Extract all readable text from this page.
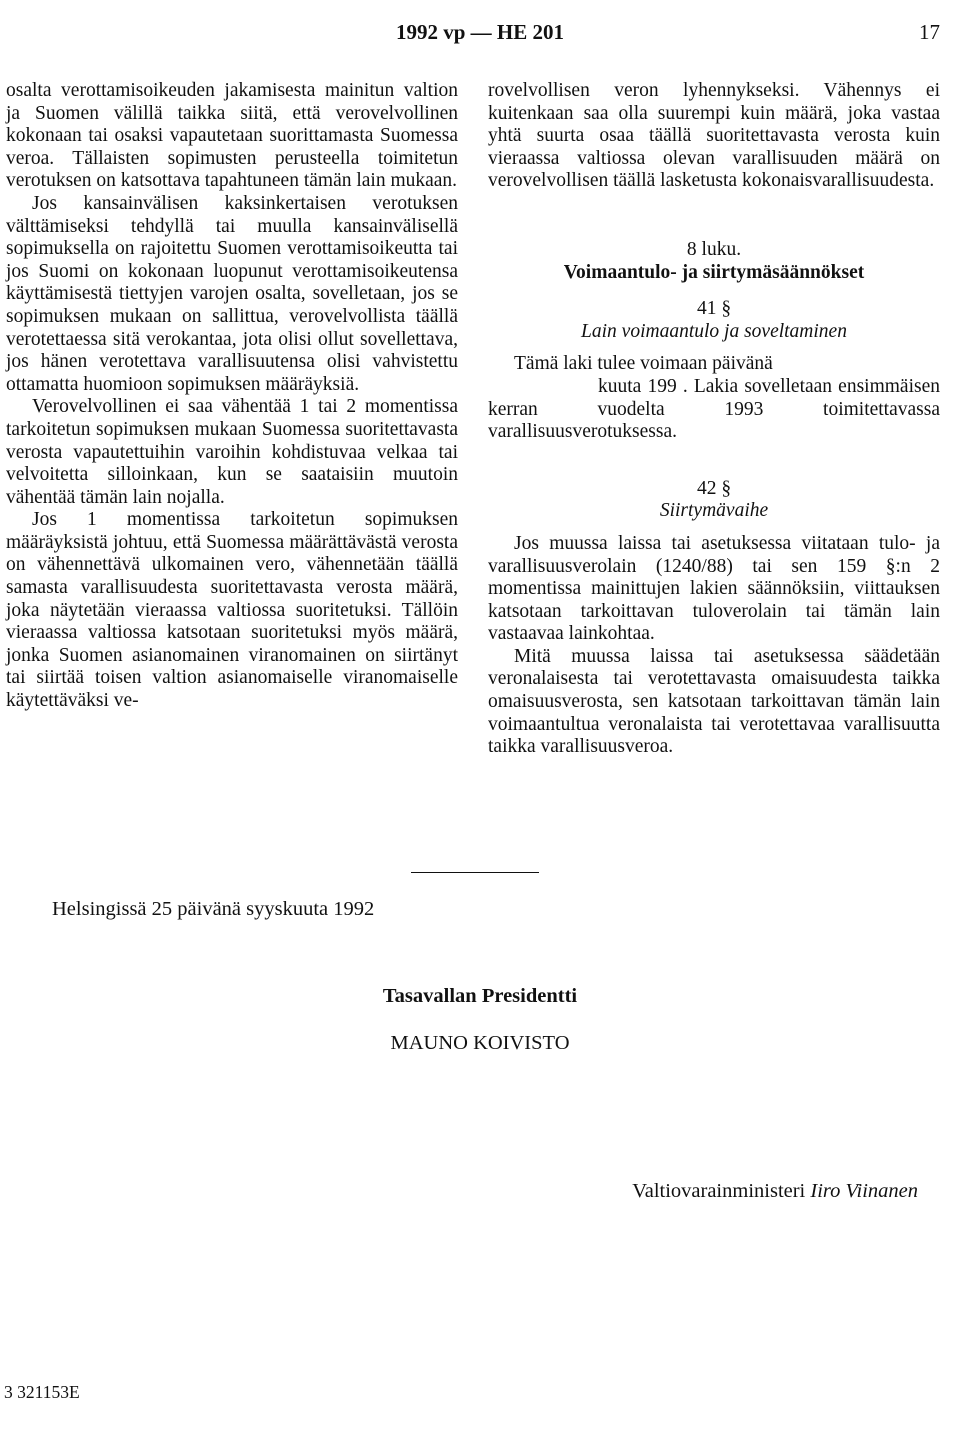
1992 vp — HE 201	17

osalta verottamisoikeuden jakamisesta mainitun valtion ja Suomen välillä taikka siitä, että verovelvollinen kokonaan tai osaksi vapautetaan suorittamasta Suomessa veroa. Tällaisten sopimusten perusteella toimitetun verotuksen on katsottava tapahtuneen tämän lain mukaan.

Jos kansainvälisen kaksinkertaisen verotuksen välttämiseksi tehdyllä tai muulla kansainvälisellä sopimuksella on rajoitettu Suomen verottamisoikeutta tai jos Suomi on kokonaan luopunut verottamisoikeutensa käyttämisestä tiettyjen varojen osalta, sovelletaan, jos se sopimuksen mukaan on sallittua, verovelvollista täällä verotettaessa sitä verokantaa, jota olisi ollut sovellettava, jos hänen verotettava varallisuutensa olisi vahvistettu ottamatta huomioon sopimuksen määräyksiä.

Verovelvollinen ei saa vähentää 1 tai 2 momentissa tarkoitetun sopimuksen mukaan Suomessa suoritettavasta verosta vapautettuihin varoihin kohdistuvaa velkaa tai velvoitetta silloinkaan, kun se saataisiin muutoin vähentää tämän lain nojalla.

Jos 1 momentissa tarkoitetun sopimuksen määräyksistä johtuu, että Suomessa määrättävästä verosta on vähennettävä ulkomainen vero, vähennetään täällä samasta varallisuudesta suoritettavasta verosta määrä, joka näytetään vieraassa valtiossa suoritetuksi. Tällöin vieraassa valtiossa katsotaan suoritetuksi myös määrä, jonka Suomen asianomainen viranomainen on siirtänyt tai siirtää toisen valtion asianomaiselle viranomaiselle käytettäväksi ve-

rovelvollisen veron lyhennykseksi. Vähennys ei kuitenkaan saa olla suurempi kuin määrä, joka vastaa yhtä suurta osaa täällä suoritettavasta verosta kuin vieraassa valtiossa olevan varallisuuden määrä on verovelvollisen täällä lasketusta kokonaisvarallisuudesta.

8 luku.
Voimaantulo- ja siirtymäsäännökset
41 §
Lain voimaantulo ja soveltaminen

Tämä laki tulee voimaan päivänä

kuuta 199 . Lakia sovelletaan ensimmäisen kerran vuodelta 1993 toimitettavassa varallisuusverotuksessa.

42 §
Siirtymävaihe

Jos muussa laissa tai asetuksessa viitataan tulo- ja varallisuusverolain (1240/88) tai sen 159 §:n 2 momentissa mainittujen lakien säännöksiin, viittauksen katsotaan tarkoittavan tuloverolain tai tämän lain vastaavaa lainkohtaa.

Mitä muussa laissa tai asetuksessa säädetään veronalaisesta tai verotettavasta omaisuudesta taikka omaisuusverosta, sen katsotaan tarkoittavan tämän lain voimaantultua veronalaista tai verotettavaa varallisuutta taikka varallisuusveroa.

Helsingissä 25 päivänä syyskuuta 1992
Tasavallan Presidentti
MAUNO KOIVISTO
Valtiovarainministeri Iiro Viinanen
3 321153E
